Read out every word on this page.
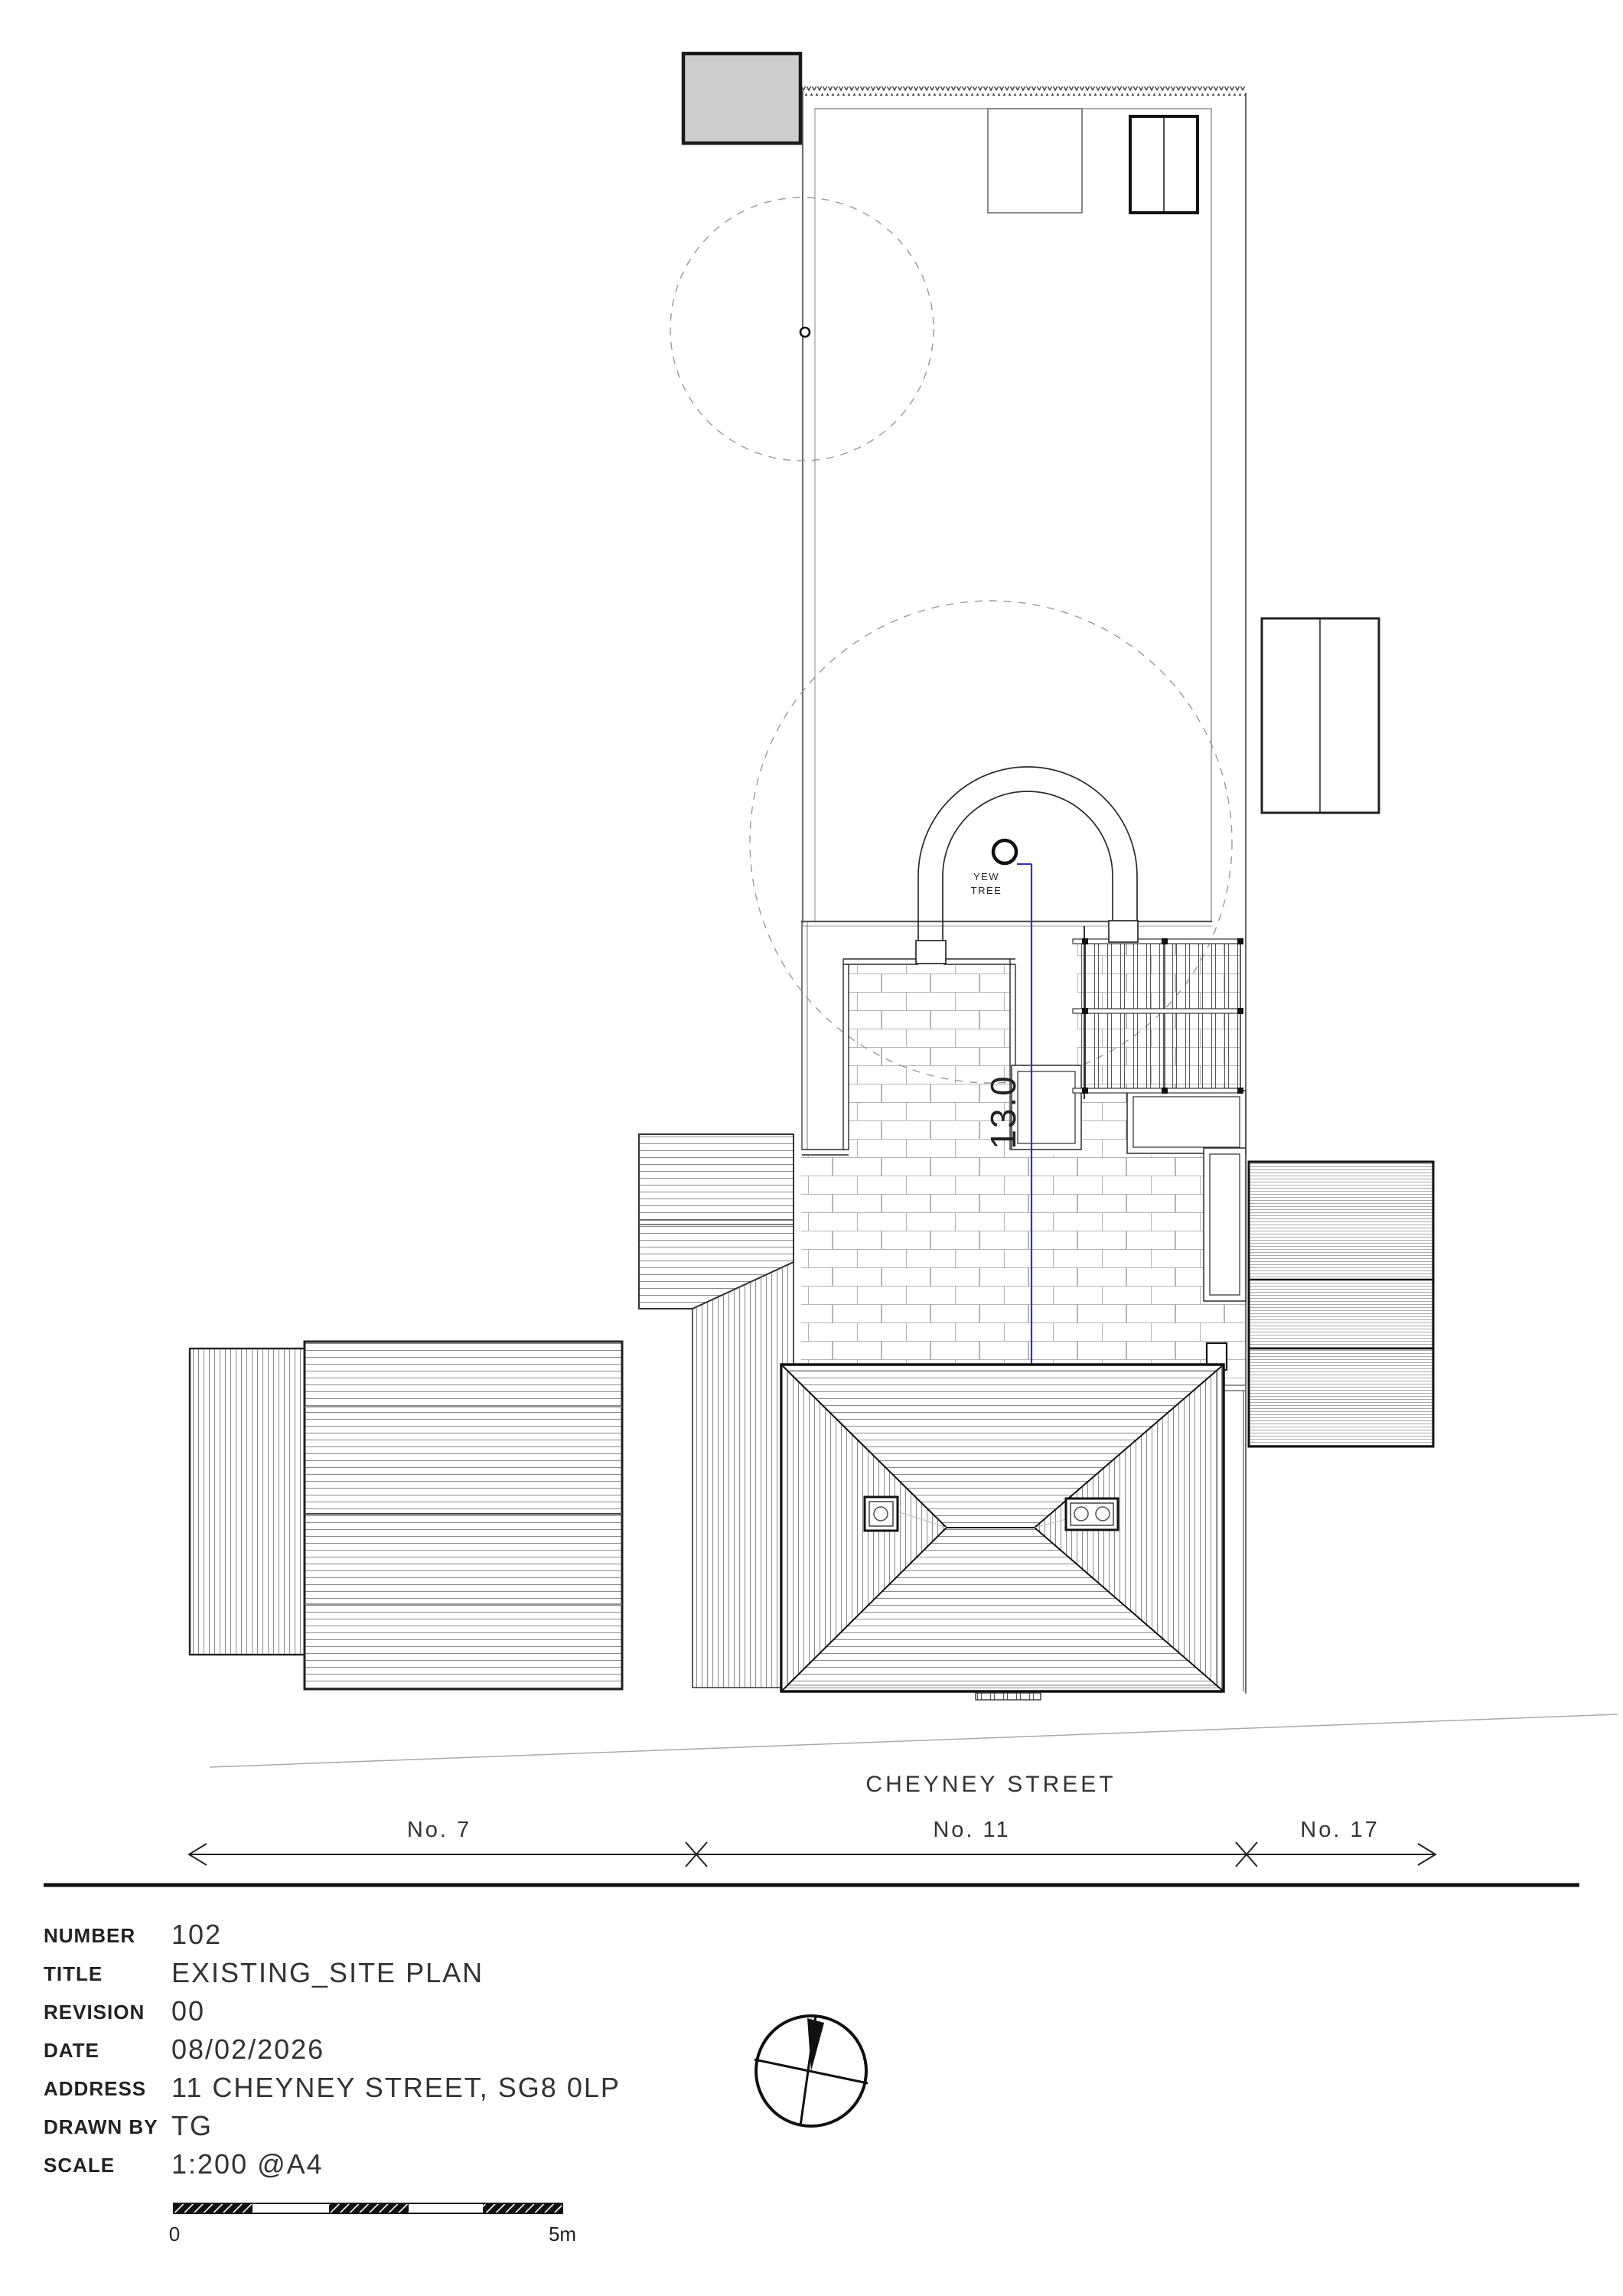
YEW
TREE
13.0
CHEYNEY STREET
No. 7	No. 11	No. 17
NUMBER 102
TITLE EXISTING_SITE PLAN
REVISION 00
DATE	08/02/2026
ADDRESS 11 CHEYNEY STREET, SG8 0LP
DRAWN BY TG
SCALE 1:200 @A4
0	5m
